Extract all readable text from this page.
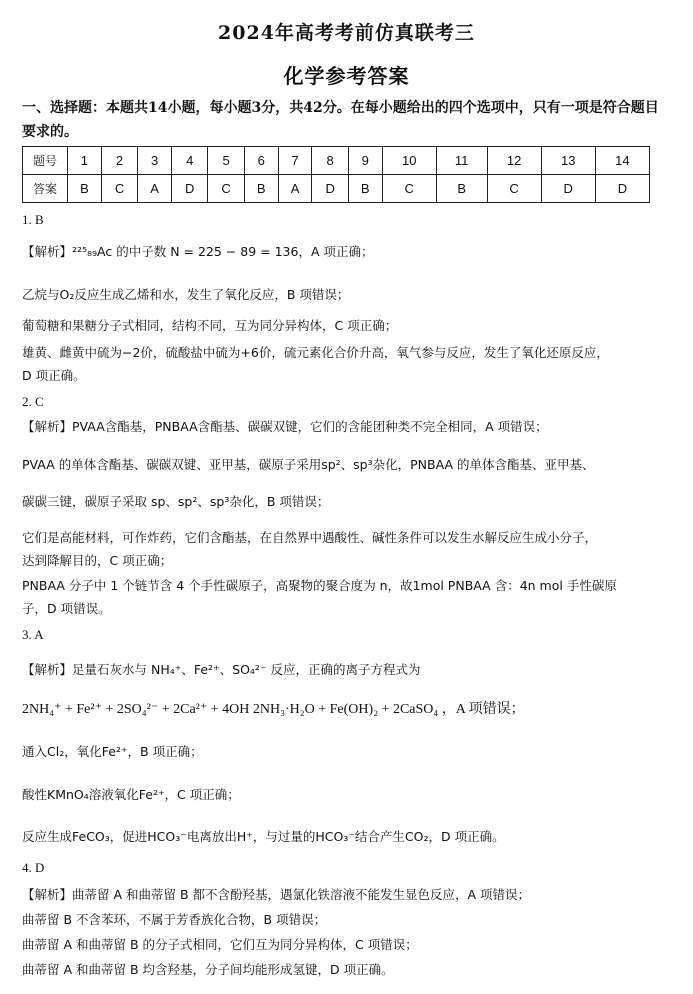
2024年高考考前仿真联考三
化学参考答案
一、选择题：本题共14小题，每小题3分，共42分。在每小题给出的四个选项中，只有一项是符合题目要求的。
题号	1	2	3	4	5	6	7	8	9	10	11	12	13	14
答案	B	C	A	D	C	B	A	D	B	C	B	C	D	D
1. B
【解析】²²⁵₈₉Ac 的中子数 N = 225 − 89 = 136，A 项正确；
乙烷与O₂反应生成乙烯和水，发生了氧化反应，B 项错误；
葡萄糖和果糖分子式相同，结构不同，互为同分异构体，C 项正确；
雄黄、雌黄中硫为−2价，硫酸盐中硫为+6价，硫元素化合价升高，氧气参与反应，发生了氧化还原反应，
D 项正确。
2. C
【解析】PVAA含酯基，PNBAA含酯基、碳碳双键，它们的含能团种类不完全相同，A 项错误；
PVAA 的单体含酯基、碳碳双键、亚甲基，碳原子采用sp²、sp³杂化，PNBAA 的单体含酯基、亚甲基、
碳碳三键，碳原子采取 sp、sp²、sp³杂化，B 项错误；
它们是高能材料，可作炸药，它们含酯基，在自然界中遇酸性、碱性条件可以发生水解反应生成小分子，
达到降解目的，C 项正确；
PNBAA 分子中 1 个链节含 4 个手性碳原子，高聚物的聚合度为 n，故1mol PNBAA 含：4n mol 手性碳原
子，D 项错误。
3. A
【解析】足量石灰水与 NH₄⁺、Fe²⁺、SO₄²⁻ 反应，正确的离子方程式为
2NH₄⁺ + Fe²⁺ + 2SO₄²⁻ + 2Ca²⁺ + 4OH 2NH₃·H₂O + Fe(OH)₂ + 2CaSO₄ ，A 项错误；
通入Cl₂，氧化Fe²⁺，B 项正确；
酸性KMnO₄溶液氧化Fe²⁺，C 项正确；
反应生成FeCO₃，促进HCO₃⁻电离放出H⁺，与过量的HCO₃⁻结合产生CO₂，D 项正确。
4. D
【解析】曲蒂留 A 和曲蒂留 B 都不含酚羟基，遇氯化铁溶液不能发生显色反应，A 项错误；
曲蒂留 B 不含苯环，不属于芳香族化合物，B 项错误；
曲蒂留 A 和曲蒂留 B 的分子式相同，它们互为同分异构体，C 项错误；
曲蒂留 A 和曲蒂留 B 均含羟基，分子间均能形成氢键，D 项正确。
